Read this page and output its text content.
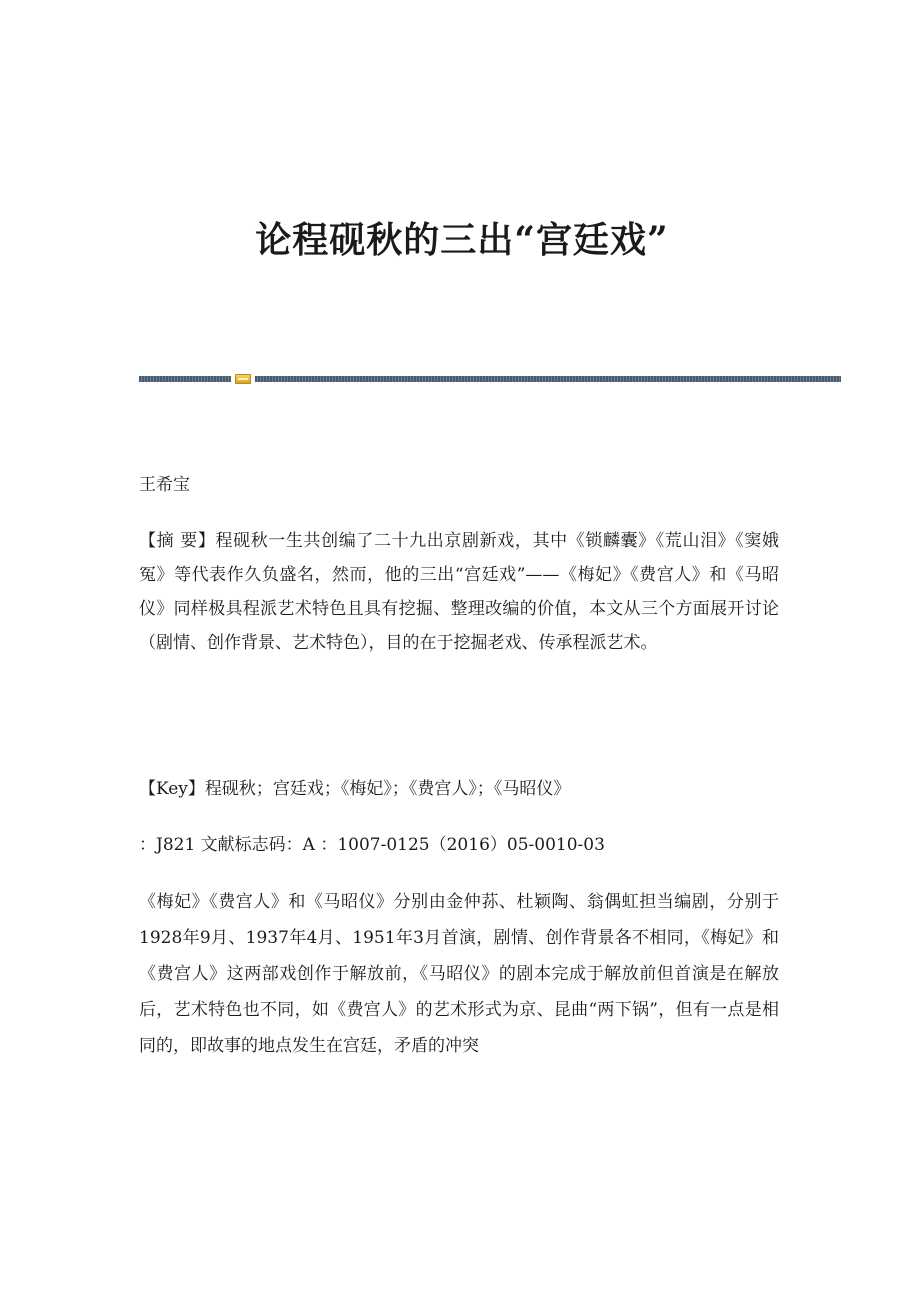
论程砚秋的三出“宫廷戏”
王希宝

【摘 要】程砚秋一生共创编了二十九出京剧新戏，其中《锁麟囊》《荒山泪》《窦娥冤》等代表作久负盛名，然而，他的三出“宫廷戏”——《梅妃》《费宫人》和《马昭仪》同样极具程派艺术特色且具有挖掘、整理改编的价值，本文从三个方面展开讨论（剧情、创作背景、艺术特色），目的在于挖掘老戏、传承程派艺术。

【Key】程砚秋；宫廷戏；《梅妃》；《费宫人》；《马昭仪》
：J821 文献标志码：A ：1007-0125（2016）05-0010-03

《梅妃》《费宫人》和《马昭仪》分别由金仲荪、杜颖陶、翁偶虹担当编剧，分别于1928年9月、1937年4月、1951年3月首演，剧情、创作背景各不相同，《梅妃》和《费宫人》这两部戏创作于解放前，《马昭仪》的剧本完成于解放前但首演是在解放后，艺术特色也不同，如《费宫人》的艺术形式为京、昆曲“两下锅”，但有一点是相同的，即故事的地点发生在宫廷，矛盾的冲突
